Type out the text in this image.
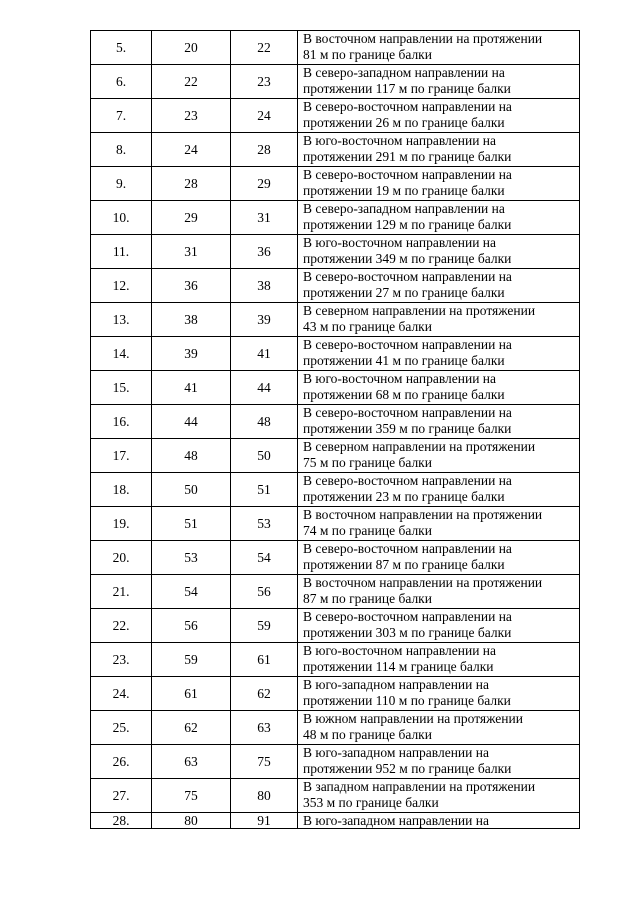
5.	20	22	В восточном направлении на протяжении
81 м по границе балки

6.	22	23	В северо-западном направлении на
протяжении 117 м по границе балки

7.	23	24	В северо-восточном направлении на
протяжении 26 м по границе балки

8.	24	28	В юго-восточном направлении на
протяжении 291 м по границе балки

9.	28	29	В северо-восточном направлении на
протяжении 19 м по границе балки

10.	29	31	В северо-западном направлении на
протяжении 129 м по границе балки

11.	31	36	В юго-восточном направлении на
протяжении 349 м по границе балки

12.	36	38	В северо-восточном направлении на
протяжении 27 м по границе балки

13.	38	39	В северном направлении на протяжении
43 м по границе балки

14.	39	41	В северо-восточном направлении на
протяжении 41 м по границе балки

15.	41	44	В юго-восточном направлении на
протяжении 68 м по границе балки

16.	44	48	В северо-восточном направлении на
протяжении 359 м по границе балки

17.	48	50	В северном направлении на протяжении
75 м по границе балки

18.	50	51	В северо-восточном направлении на
протяжении 23 м по границе балки

19.	51	53	В восточном направлении на протяжении
74 м по границе балки

20.	53	54	В северо-восточном направлении на
протяжении 87 м по границе балки

21.	54	56	В восточном направлении на протяжении
87 м по границе балки

22.	56	59	В северо-восточном направлении на
протяжении 303 м по границе балки

23.	59	61	В юго-восточном направлении на
протяжении 114 м границе балки

24.	61	62	В юго-западном направлении на
протяжении 110 м по границе балки

25.	62	63	В южном направлении на протяжении
48 м по границе балки

26.	63	75	В юго-западном направлении на
протяжении 952 м по границе балки

27.	75	80	В западном направлении на протяжении
353 м по границе балки

28.	80	91	В юго-западном направлении на
